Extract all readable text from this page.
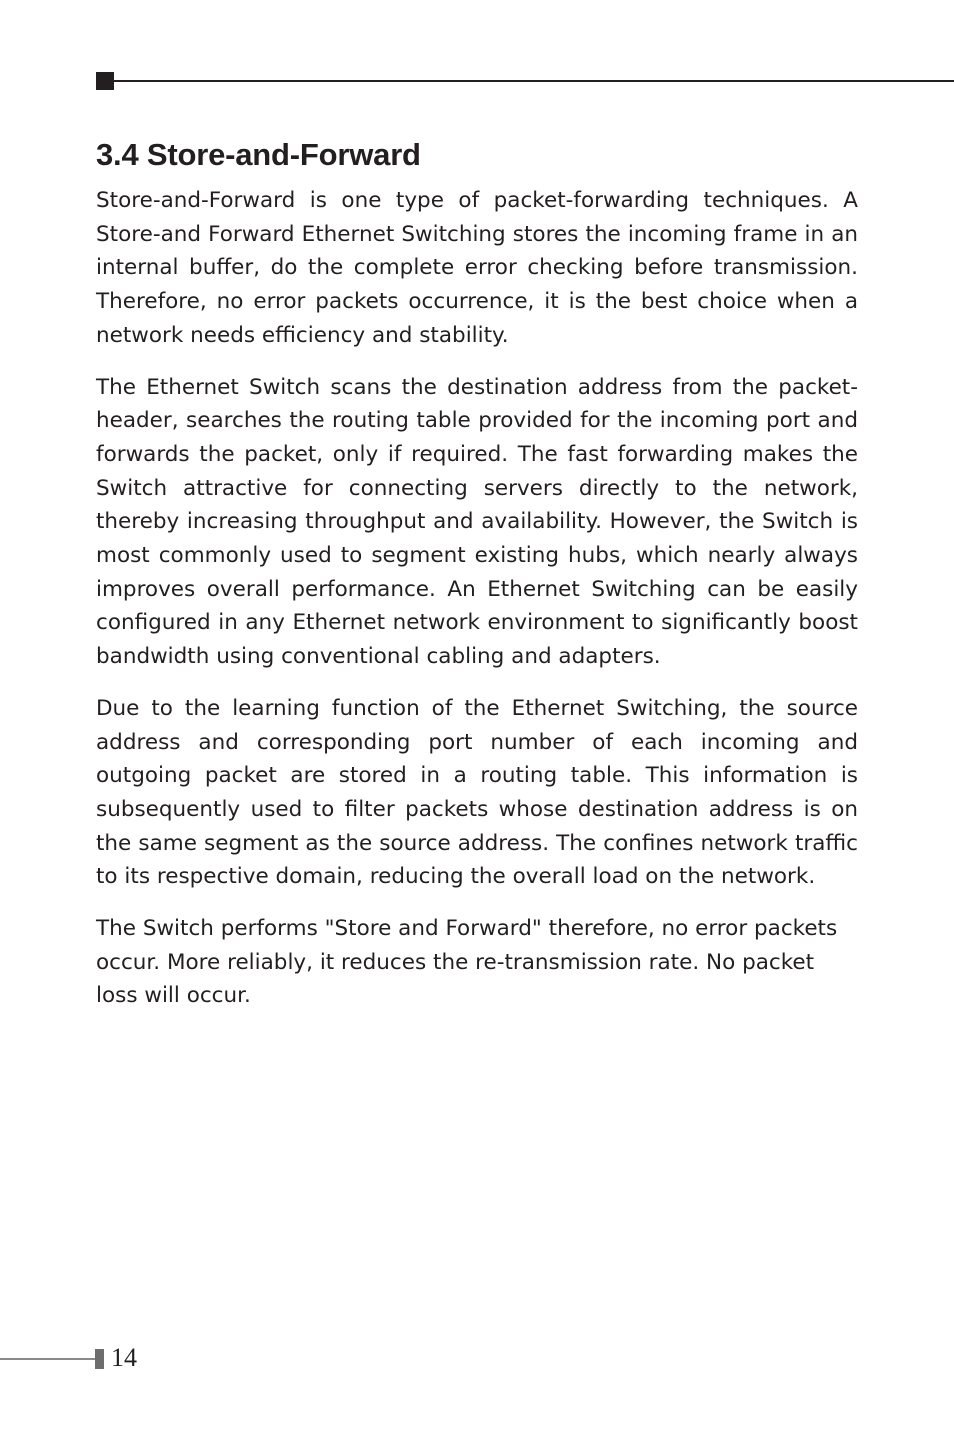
3.4 Store-and-Forward

Store-and-Forward is one type of packet-forwarding techniques. A Store-and Forward Ethernet Switching stores the incoming frame in an internal buffer, do the complete error checking before transmission. Therefore, no error packets occurrence, it is the best choice when a network needs efficiency and stability.

The Ethernet Switch scans the destination address from the packet-header, searches the routing table provided for the incoming port and forwards the packet, only if required. The fast forwarding makes the Switch attractive for connecting servers directly to the network, thereby increasing throughput and availability. However, the Switch is most commonly used to segment existing hubs, which nearly always improves overall performance. An Ethernet Switching can be easily configured in any Ethernet network environment to significantly boost bandwidth using conventional cabling and adapters.

Due to the learning function of the Ethernet Switching, the source address and corresponding port number of each incoming and outgoing packet are stored in a routing table. This information is subsequently used to filter packets whose destination address is on the same segment as the source address. The confines network traffic to its respective domain, reducing the overall load on the network.

The Switch performs "Store and Forward" therefore, no error packets occur. More reliably, it reduces the re-transmission rate. No packet loss will occur.

14
